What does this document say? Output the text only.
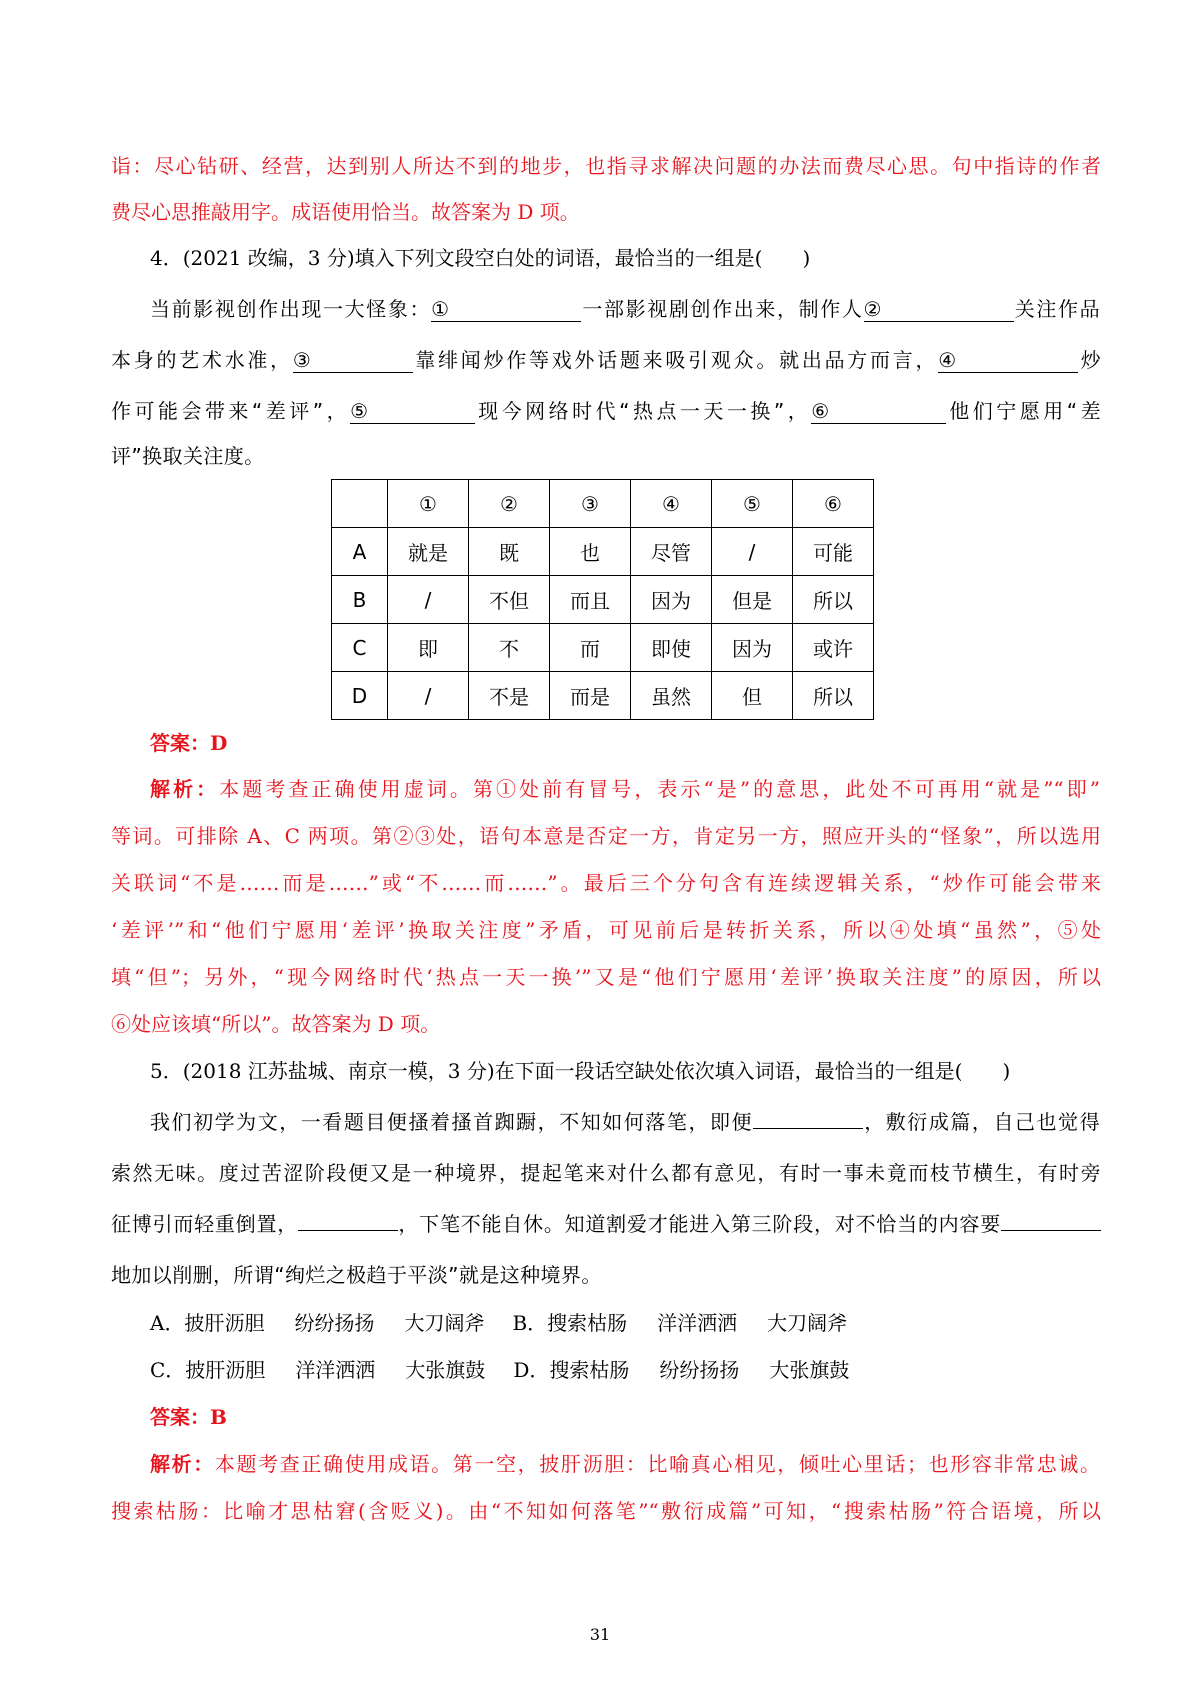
诣：尽心钻研、经营，达到别人所达不到的地步，也指寻求解决问题的办法而费尽心思。句中指诗的作者
费尽心思推敲用字。成语使用恰当。故答案为 D 项。
4．(2021 改编，3 分)填入下列文段空白处的词语，最恰当的一组是(　　)
当前影视创作出现一大怪象：①	一部影视剧创作出来，制作人②	关注作品
本身的艺术水准，③	靠绯闻炒作等戏外话题来吸引观众。就出品方而言，④	炒
作可能会带来“差评”，⑤	现今网络时代“热点一天一换”，⑥	他们宁愿用“差
评”换取关注度。
	①	②	③	④	⑤	⑥
A	就是	既	也	尽管	/	可能
B	/	不但	而且	因为	但是	所以
C	即	不	而	即使	因为	或许
D	/	不是	而是	虽然	但	所以
答案：D
解析：本题考查正确使用虚词。第①处前有冒号，表示“是”的意思，此处不可再用“就是”“即”
等词。可排除 A、C 两项。第②③处，语句本意是否定一方，肯定另一方，照应开头的“怪象”，所以选用
关联词“不是……而是……”或“不……而……”。最后三个分句含有连续逻辑关系，“炒作可能会带来
‘差评’”和“他们宁愿用‘差评’换取关注度”矛盾，可见前后是转折关系，所以④处填“虽然”，⑤处
填“但”；另外，“现今网络时代‘热点一天一换’”又是“他们宁愿用‘差评’换取关注度”的原因，所以
⑥处应该填“所以”。故答案为 D 项。
5．(2018 江苏盐城、南京一模，3 分)在下面一段话空缺处依次填入词语，最恰当的一组是(　　)
我们初学为文，一看题目便搔着搔首踟蹰，不知如何落笔，即便	，敷衍成篇，自己也觉得
索然无味。度过苦涩阶段便又是一种境界，提起笔来对什么都有意见，有时一事未竟而枝节横生，有时旁
征博引而轻重倒置，	，下笔不能自休。知道割爱才能进入第三阶段，对不恰当的内容要
地加以削删，所谓“绚烂之极趋于平淡”就是这种境界。
A．披肝沥胆 纷纷扬扬 大刀阔斧 B．搜索枯肠 洋洋洒洒 大刀阔斧
C．披肝沥胆 洋洋洒洒 大张旗鼓 D．搜索枯肠 纷纷扬扬 大张旗鼓
答案：B
解析：本题考查正确使用成语。第一空，披肝沥胆：比喻真心相见，倾吐心里话；也形容非常忠诚。
搜索枯肠：比喻才思枯窘(含贬义)。由“不知如何落笔”“敷衍成篇”可知，“搜索枯肠”符合语境，所以
31
